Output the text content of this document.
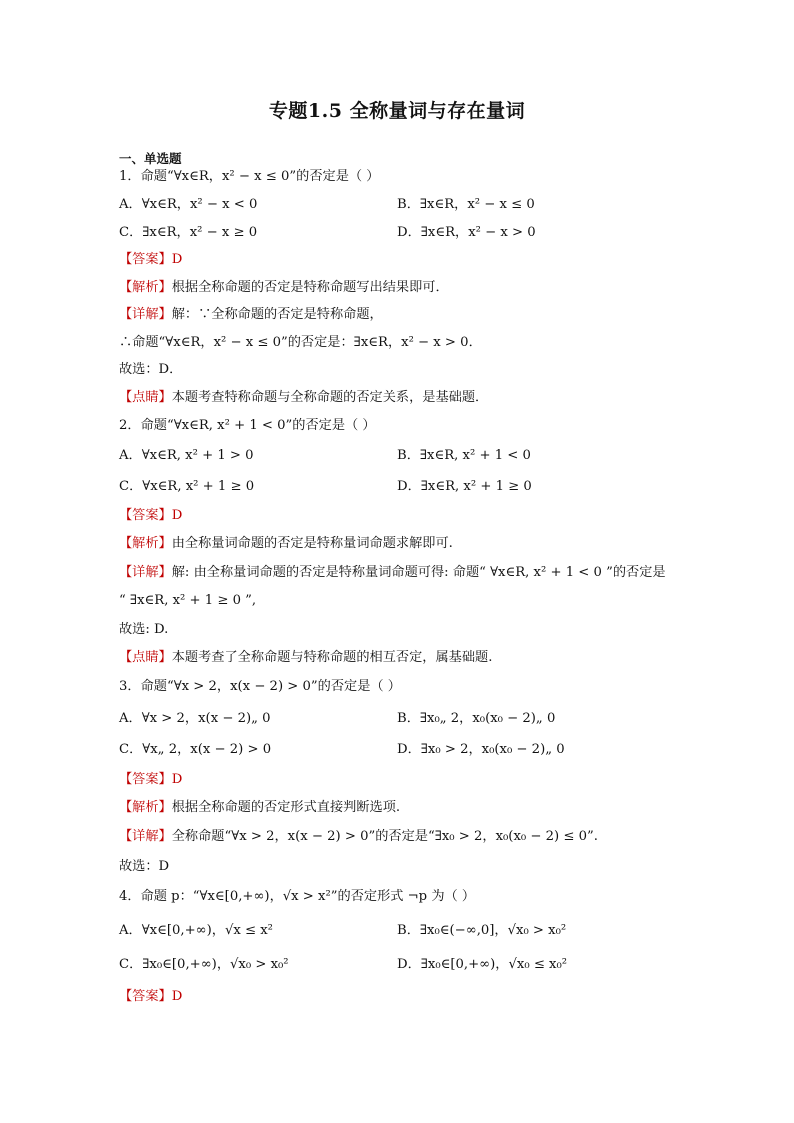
专题1.5 全称量词与存在量词
一、单选题
1．命题“∀x∈R，x² − x ≤ 0”的否定是（ ）
A．∀x∈R，x² − x < 0	B．∃x∈R，x² − x ≤ 0
C．∃x∈R，x² − x ≥ 0	D．∃x∈R，x² − x > 0
【答案】D
【解析】根据全称命题的否定是特称命题写出结果即可．
【详解】解：∵全称命题的否定是特称命题，
∴命题“∀x∈R，x² − x ≤ 0”的否定是：∃x∈R，x² − x > 0．
故选：D．
【点睛】本题考查特称命题与全称命题的否定关系，是基础题．
2．命题“∀x∈R, x² + 1 < 0”的否定是（ ）
A．∀x∈R, x² + 1 > 0	B．∃x∈R, x² + 1 < 0
C．∀x∈R, x² + 1 ≥ 0	D．∃x∈R, x² + 1 ≥ 0
【答案】D
【解析】由全称量词命题的否定是特称量词命题求解即可.
【详解】解: 由全称量词命题的否定是特称量词命题可得: 命题“ ∀x∈R, x² + 1 < 0 ”的否定是
“ ∃x∈R, x² + 1 ≥ 0 ”,
故选: D.
【点睛】本题考查了全称命题与特称命题的相互否定，属基础题.
3．命题“∀x > 2，x(x − 2) > 0”的否定是（ ）
A．∀x > 2，x(x − 2)„ 0	B．∃x₀„ 2，x₀(x₀ − 2)„ 0
C．∀x„ 2，x(x − 2) > 0	D．∃x₀ > 2，x₀(x₀ − 2)„ 0
【答案】D
【解析】根据全称命题的否定形式直接判断选项.
【详解】全称命题“∀x > 2，x(x − 2) > 0”的否定是“∃x₀ > 2，x₀(x₀ − 2) ≤ 0”.
故选：D
4．命题 p：“∀x∈[0,+∞)，√x > x²”的否定形式 ¬p 为（ ）
A．∀x∈[0,+∞)，√x ≤ x²	B．∃x₀∈(−∞,0]，√x₀ > x₀²
C．∃x₀∈[0,+∞)，√x₀ > x₀²	D．∃x₀∈[0,+∞)，√x₀ ≤ x₀²
【答案】D
